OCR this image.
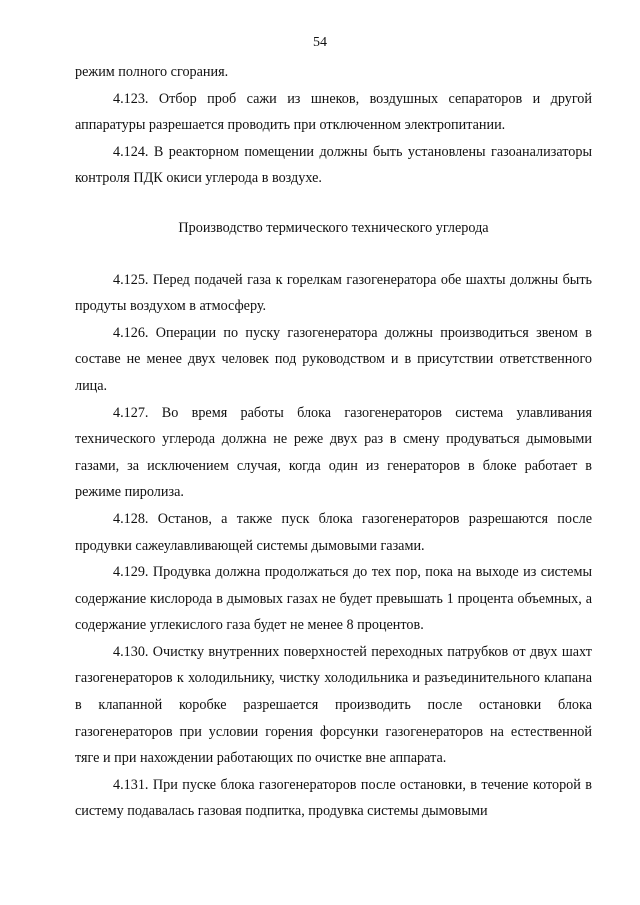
54

режим полного сгорания.

4.123. Отбор проб сажи из шнеков, воздушных сепараторов и другой аппаратуры разрешается проводить при отключенном электропитании.

4.124. В реакторном помещении должны быть установлены газоанализаторы контроля ПДК окиси углерода в воздухе.

Производство термического технического углерода

4.125. Перед подачей газа к горелкам газогенератора обе шахты должны быть продуты воздухом в атмосферу.

4.126. Операции по пуску газогенератора должны производиться звеном в составе не менее двух человек под руководством и в присутствии ответственного лица.

4.127. Во время работы блока газогенераторов система улавливания технического углерода должна не реже двух раз в смену продуваться дымовыми газами, за исключением случая, когда один из генераторов в блоке работает в режиме пиролиза.

4.128. Останов, а также пуск блока газогенераторов разрешаются после продувки сажеулавливающей системы дымовыми газами.

4.129. Продувка должна продолжаться до тех пор, пока на выходе из системы содержание кислорода в дымовых газах не будет превышать 1 процента объемных, а содержание углекислого газа будет не менее 8 процентов.

4.130. Очистку внутренних поверхностей переходных патрубков от двух шахт газогенераторов к холодильнику, чистку холодильника и разъединительного клапана в клапанной коробке разрешается производить после остановки блока газогенераторов при условии горения форсунки газогенераторов на естественной тяге и при нахождении работающих по очистке вне аппарата.

4.131. При пуске блока газогенераторов после остановки, в течение которой в систему подавалась газовая подпитка, продувка системы дымовыми
